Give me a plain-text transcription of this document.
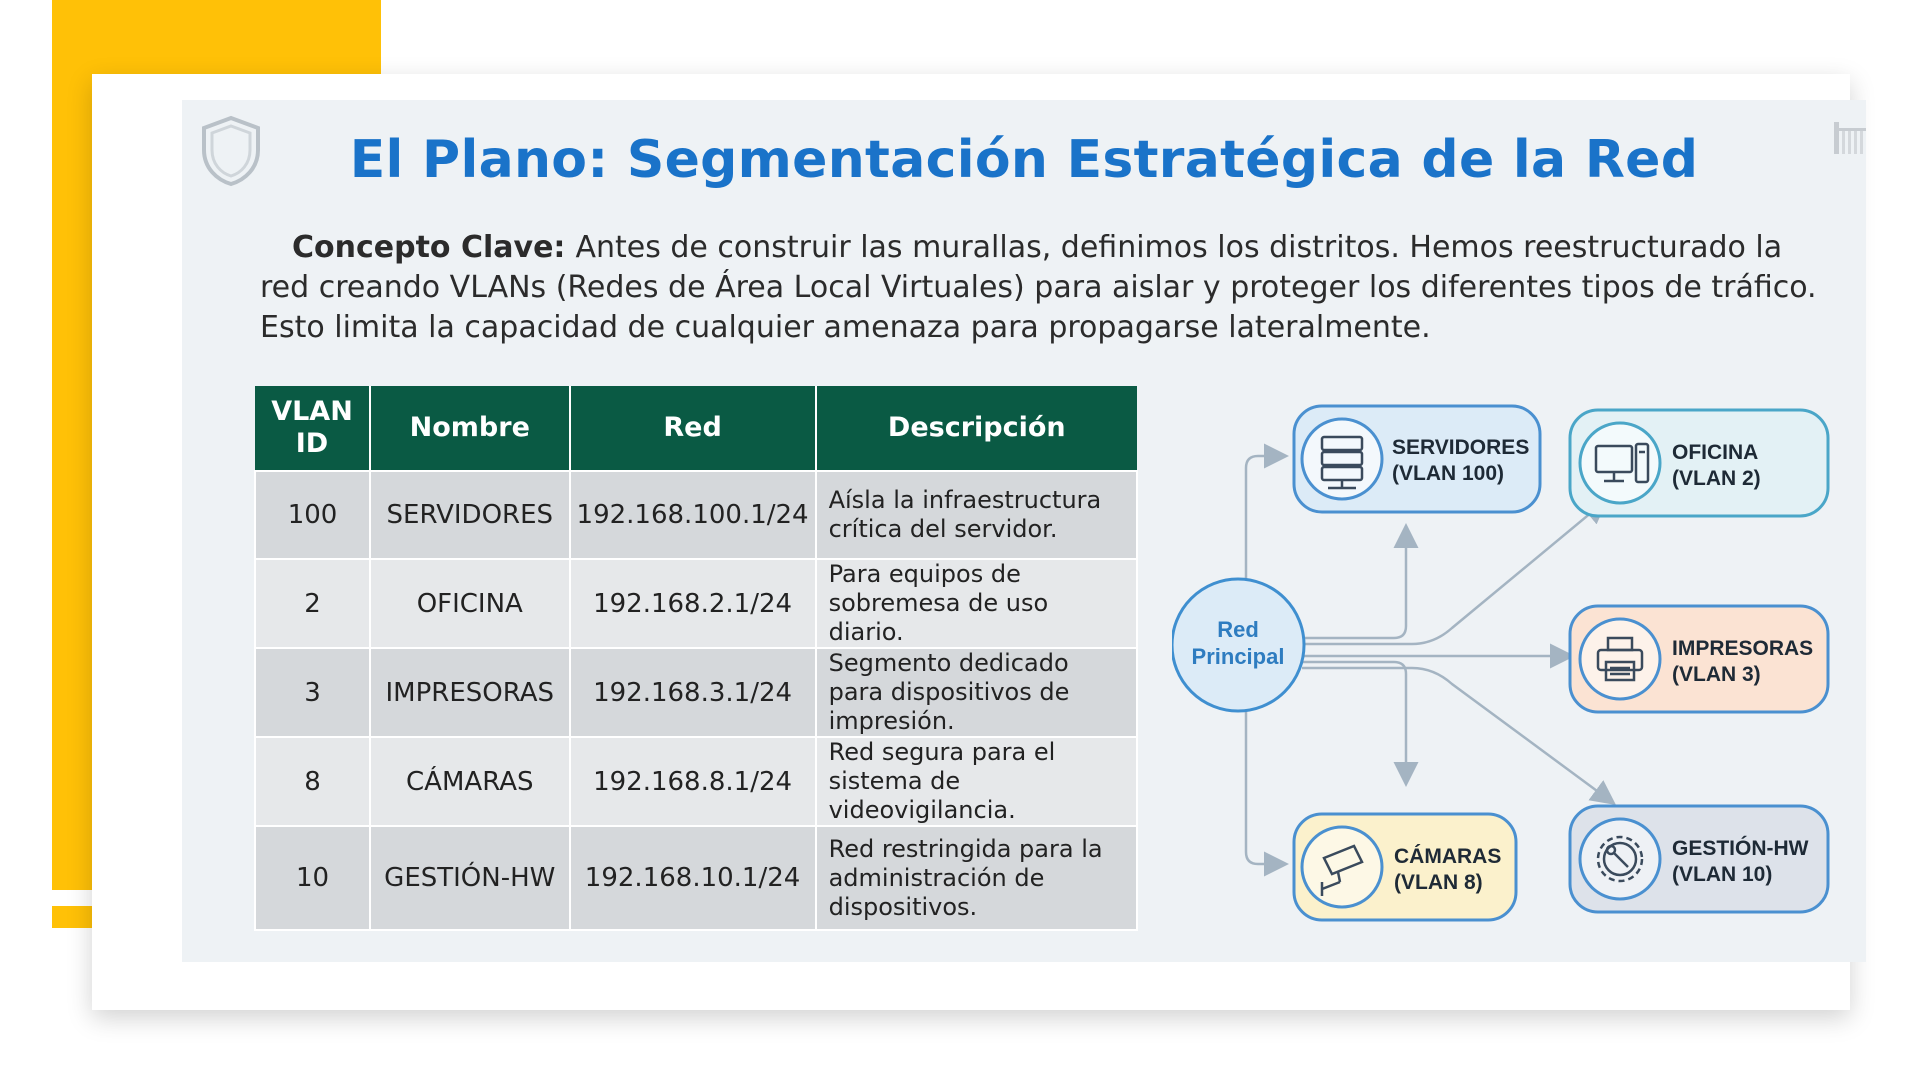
El Plano: Segmentación Estratégica de la Red

Concepto Clave: Antes de construir las murallas, definimos los distritos. Hemos reestructurado la red creando VLANs (Redes de Área Local Virtuales) para aislar y proteger los diferentes tipos de tráfico. Esto limita la capacidad de cualquier amenaza para propagarse lateralmente.

VLAN
ID	Nombre	Red	Descripción
100	SERVIDORES	192.168.100.1/24	Aísla la infraestructura crítica del servidor.
2	OFICINA	192.168.2.1/24	Para equipos de sobremesa de uso diario.
3	IMPRESORAS	192.168.3.1/24	Segmento dedicado para dispositivos de impresión.
8	CÁMARAS	192.168.8.1/24	Red segura para el sistema de videovigilancia.
10	GESTIÓN-HW	192.168.10.1/24	Red restringida para la administración de dispositivos.
Red
Principal
SERVIDORES
(VLAN 100)
OFICINA
(VLAN 2)
IMPRESORAS
(VLAN 3)
CÁMARAS
(VLAN 8)
GESTIÓN-HW
(VLAN 10)
